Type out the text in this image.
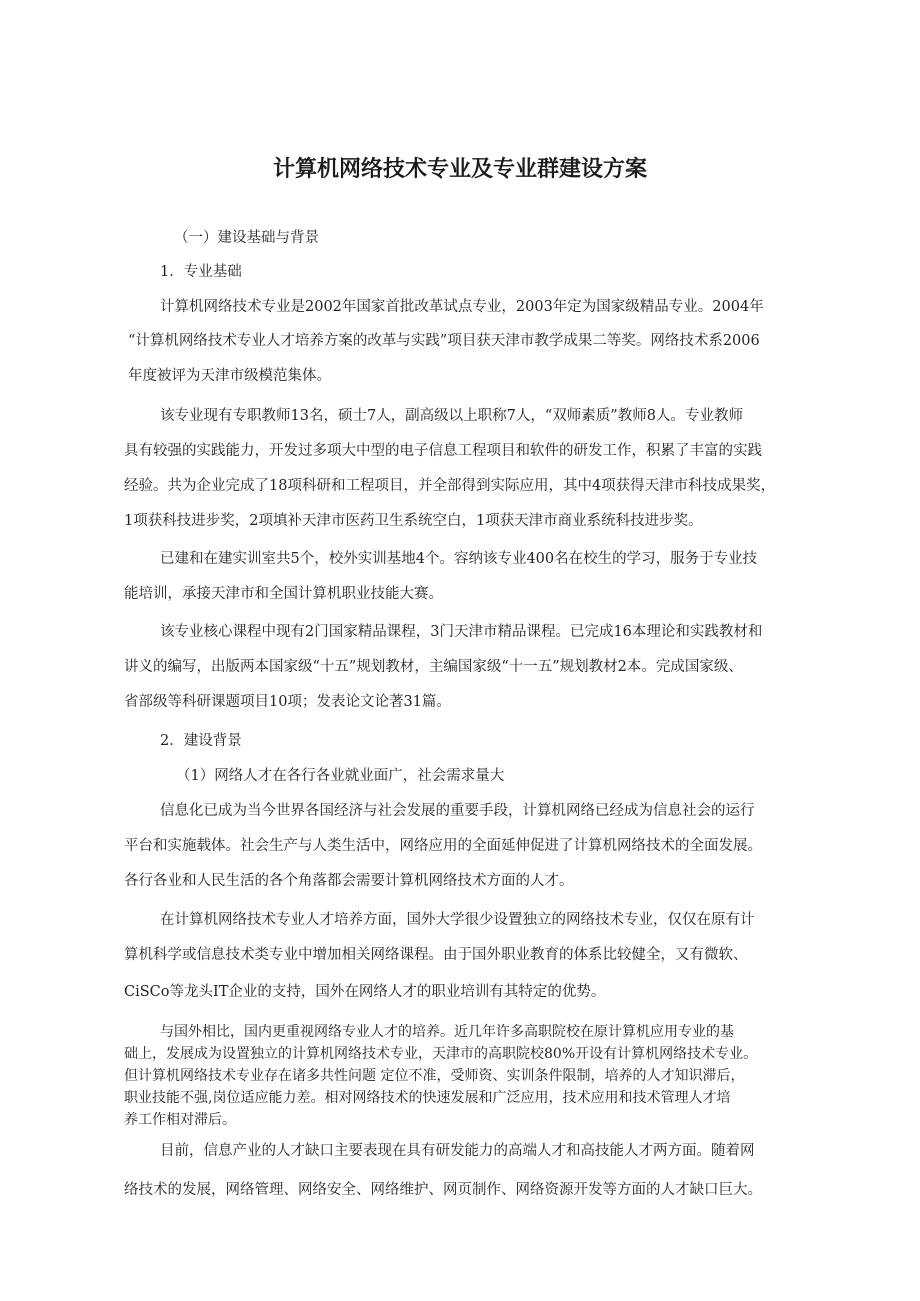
计算机网络技术专业及专业群建设方案
（一）建设基础与背景
1．专业基础
计算机网络技术专业是2002年国家首批改革试点专业，2003年定为国家级精品专业。2004年
“计算机网络技术专业人才培养方案的改革与实践”项目获天津市教学成果二等奖。网络技术系2006
年度被评为天津市级模范集体。
该专业现有专职教师13名，硕士7人，副高级以上职称7人，“双师素质”教师8人。专业教师
具有较强的实践能力，开发过多项大中型的电子信息工程项目和软件的研发工作，积累了丰富的实践
经验。共为企业完成了18项科研和工程项目，并全部得到实际应用，其中4项获得天津市科技成果奖，
1项获科技进步奖，2项填补天津市医药卫生系统空白，1项获天津市商业系统科技进步奖。
已建和在建实训室共5个，校外实训基地4个。容纳该专业400名在校生的学习，服务于专业技
能培训，承接天津市和全国计算机职业技能大赛。
该专业核心课程中现有2门国家精品课程，3门天津市精品课程。已完成16本理论和实践教材和
讲义的编写，出版两本国家级“十五”规划教材，主编国家级“十一五”规划教材2本。完成国家级、
省部级等科研课题项目10项；发表论文论著31篇。
2．建设背景
（1）网络人才在各行各业就业面广，社会需求量大
信息化已成为当今世界各国经济与社会发展的重要手段，计算机网络已经成为信息社会的运行
平台和实施载体。社会生产与人类生活中，网络应用的全面延伸促进了计算机网络技术的全面发展。
各行各业和人民生活的各个角落都会需要计算机网络技术方面的人才。
在计算机网络技术专业人才培养方面，国外大学很少设置独立的网络技术专业，仅仅在原有计
算机科学或信息技术类专业中增加相关网络课程。由于国外职业教育的体系比较健全，又有微软、
CiSCo等龙头IT企业的支持，国外在网络人才的职业培训有其特定的优势。
与国外相比，国内更重视网络专业人才的培养。近几年许多高职院校在原计算机应用专业的基
础上，发展成为设置独立的计算机网络技术专业，天津市的高职院校80%开设有计算机网络技术专业。
但计算机网络技术专业存在诸多共性问题 定位不准，受师资、实训条件限制，培养的人才知识滞后，
职业技能不强,岗位适应能力差。相对网络技术的快速发展和广泛应用，技术应用和技术管理人才培
养工作相对滞后。
目前，信息产业的人才缺口主要表现在具有研发能力的高端人才和高技能人才两方面。随着网
络技术的发展，网络管理、网络安全、网络维护、网页制作、网络资源开发等方面的人才缺口巨大。
